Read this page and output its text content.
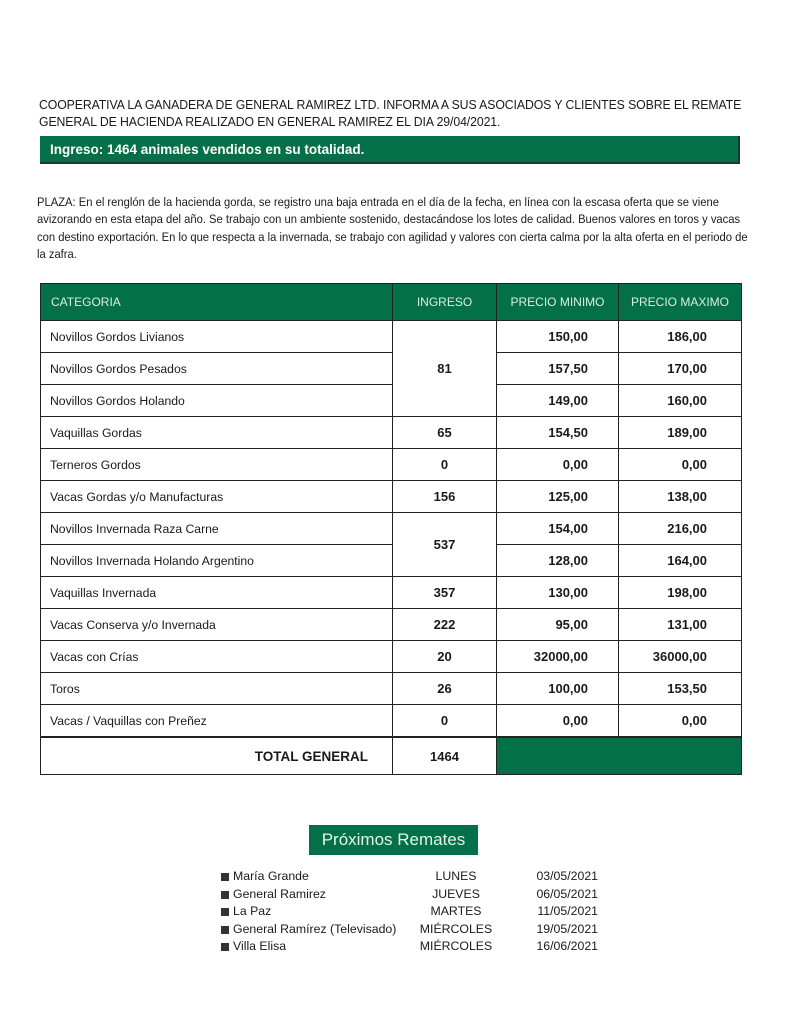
COOPERATIVA LA GANADERA DE GENERAL RAMIREZ LTD. INFORMA A SUS ASOCIADOS Y CLIENTES SOBRE EL REMATE GENERAL DE HACIENDA REALIZADO EN GENERAL RAMIREZ EL DIA 29/04/2021.
Ingreso: 1464 animales vendidos en su totalidad.
PLAZA: En el renglón de la hacienda gorda, se registro una baja entrada en el día de la fecha, en línea con la escasa oferta que se viene avizorando en esta etapa del año. Se trabajo con un ambiente sostenido, destacándose los lotes de calidad. Buenos valores en toros y vacas con destino exportación. En lo que respecta a la invernada, se trabajo con agilidad y valores con cierta calma por la alta oferta en el periodo de la zafra.
CATEGORIA	INGRESO	PRECIO MINIMO	PRECIO MAXIMO
Novillos Gordos Livianos	81	150,00	186,00
Novillos Gordos Pesados		157,50	170,00
Novillos Gordos Holando		149,00	160,00
Vaquillas Gordas	65	154,50	189,00
Terneros Gordos	0	0,00	0,00
Vacas Gordas y/o Manufacturas	156	125,00	138,00
Novillos Invernada Raza Carne	537	154,00	216,00
Novillos Invernada Holando Argentino		128,00	164,00
Vaquillas Invernada	357	130,00	198,00
Vacas Conserva y/o Invernada	222	95,00	131,00
Vacas con Crías	20	32000,00	36000,00
Toros	26	100,00	153,50
Vacas / Vaquillas con Preñez	0	0,00	0,00
TOTAL GENERAL	1464		
Próximos Remates
María Grande	LUNES	03/05/2021
General Ramirez	JUEVES	06/05/2021
La Paz	MARTES	11/05/2021
General Ramírez (Televisado)	MIÉRCOLES	19/05/2021
Villa Elisa	MIÉRCOLES	16/06/2021
